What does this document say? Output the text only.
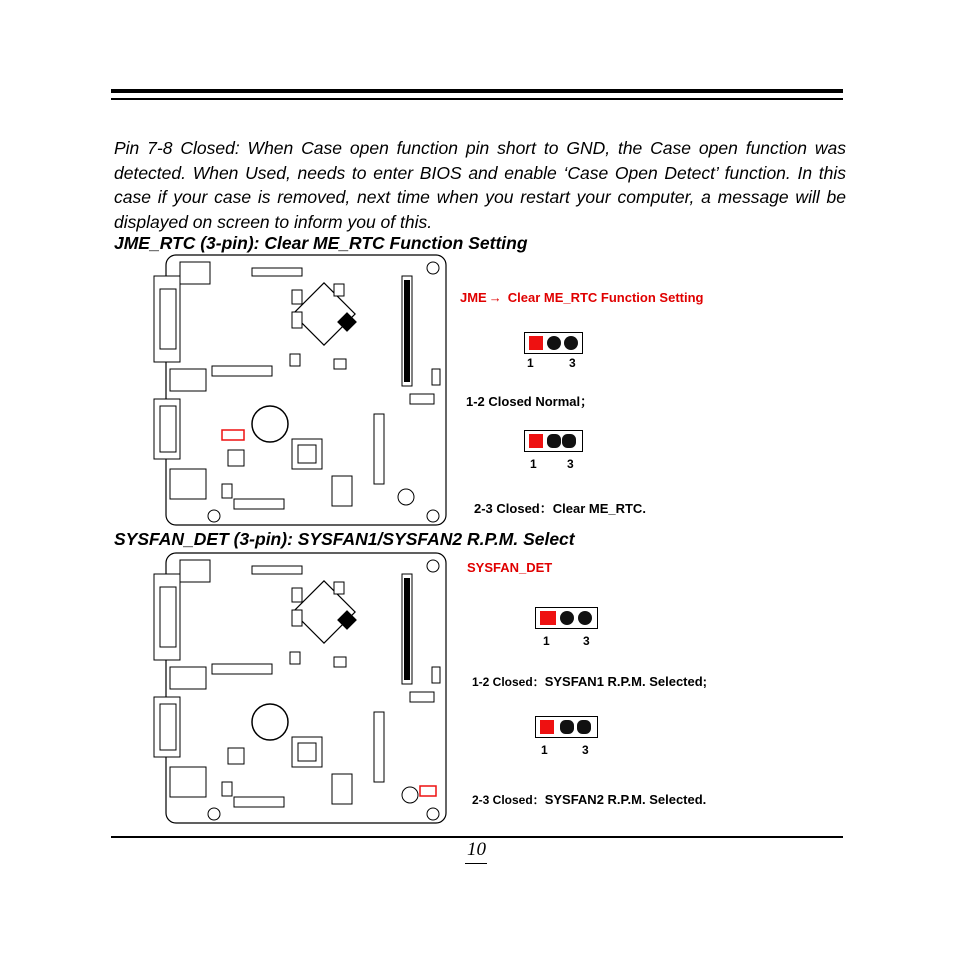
Pin 7-8 Closed: When Case open function pin short to GND, the Case open function was detected. When Used, needs to enter BIOS and enable ‘Case Open Detect’ function. In this case if your case is removed, next time when you restart your computer, a message will be displayed on screen to inform you of this.
JME_RTC (3-pin): Clear ME_RTC Function Setting
JME → Clear ME_RTC Function Setting
1	3
1-2 Closed Normal；
1	3
2-3 Closed：Clear ME_RTC.
SYSFAN_DET (3-pin): SYSFAN1/SYSFAN2 R.P.M. Select
SYSFAN_DET
1	3
1-2 Closed：SYSFAN1 R.P.M. Selected;
1	3
2-3 Closed：SYSFAN2 R.P.M. Selected.
10
